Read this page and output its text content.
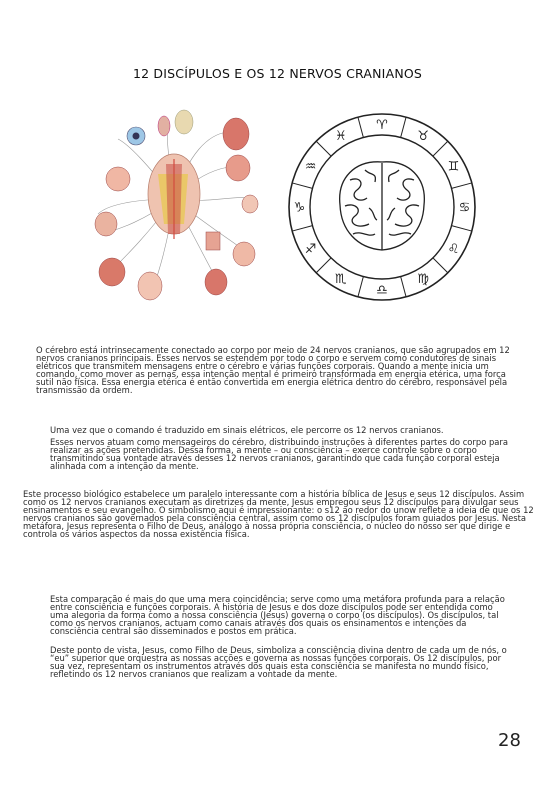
12 DISCÍPULOS E OS 12 NERVOS CRANIANOS
♈
♉
♊
♋
♌
♍
♎
♏
♐
♑
♒
♓

O cérebro está intrinsecamente conectado ao corpo por meio de 24 nervos cranianos, que são agrupados em 12 nervos cranianos principais. Esses nervos se estendem por todo o corpo e servem como condutores de sinais elétricos que transmitem mensagens entre o cérebro e várias funções corporais. Quando a mente inicia um comando, como mover as pernas, essa intenção mental é primeiro transformada em energia etérica, uma força sutil não física. Essa energia etérica é então convertida em energia elétrica dentro do cérebro, responsável pela transmissão da ordem.

Uma vez que o comando é traduzido em sinais elétricos, ele percorre os 12 nervos cranianos.

Esses nervos atuam como mensageiros do cérebro, distribuindo instruções à diferentes partes do corpo para realizar as ações pretendidas. Dessa forma, a mente – ou consciência – exerce controle sobre o corpo transmitindo sua vontade através desses 12 nervos cranianos, garantindo que cada função corporal esteja alinhada com a intenção da mente.

Este processo biológico estabelece um paralelo interessante com a história bíblica de Jesus e seus 12 discípulos. Assim como os 12 nervos cranianos executam as diretrizes da mente, Jesus empregou seus 12 discípulos para divulgar seus ensinamentos e seu evangelho. O simbolismo aqui é impressionante: o s12 ao redor do unow reflete a ideia de que os 12 nervos cranianos são governados pela consciência central, assim como os 12 discípulos foram guiados por Jesus. Nesta metáfora, Jesus representa o Filho de Deus, análogo à nossa própria consciência, o núcleo do nosso ser que dirige e controla os vários aspectos da nossa existência física.

Esta comparação é mais do que uma mera coincidência; serve como uma metáfora profunda para a relação entre consciência e funções corporais. A história de Jesus e dos doze discípulos pode ser entendida como uma alegoria da forma como a nossa consciência (Jesus) governa o corpo (os discípulos). Os discípulos, tal como os nervos cranianos, actuam como canais através dos quais os ensinamentos e intenções da consciência central são disseminados e postos em prática.

Deste ponto de vista, Jesus, como Filho de Deus, simboliza a consciência divina dentro de cada um de nós, o “eu” superior que orquestra as nossas acções e governa as nossas funções corporais. Os 12 discípulos, por sua vez, representam os instrumentos através dos quais esta consciência se manifesta no mundo físico, refletindo os 12 nervos cranianos que realizam a vontade da mente.

28
